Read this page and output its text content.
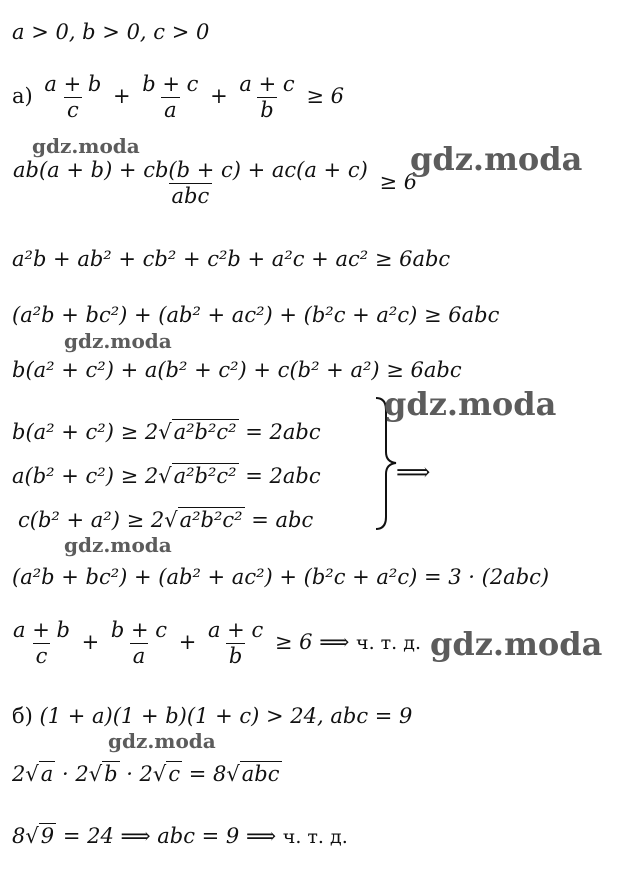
a > 0, b > 0, c > 0
$а) \frac{a + b}{c} + \frac{b + c}{a} + \frac{a + c}{b} \ge 6$
$\frac{ab(a + b) + cb(b + c) + ac(a + c)}{\text{abc}} \ge 6$
a²b + ab² + cb² + c²b + a²c + ac² ≥ 6abc
(a²b + bc²) + (ab² + ac²) + (b²c + a²c) ≥ 6abc
b(a² + c²) + a(b² + c²) + c(b² + a²) ≥ 6abc
b(a² + c²) ≥ 2√a²b²c² = 2abc
a(b² + c²) ≥ 2√a²b²c² = 2abc
c(b² + a²) ≥ 2√a²b²c² = abc
⟹
(a²b + bc²) + (ab² + ac²) + (b²c + a²c) = 3 · (2abc)
$\frac{a + b}{c} + \frac{b + c}{a} + \frac{a + c}{b} \ge 6$ ⟹ ч. т. д.
б) (1 + a)(1 + b)(1 + c) > 24, abc = 9
2√a · 2√b · 2√c = 8√abc
8√9 = 24 ⟹ abc = 9 ⟹ ч. т. д.
gdz.moda	gdz.moda
gdz.moda
gdz.moda
gdz.moda
gdz.moda
gdz.moda
